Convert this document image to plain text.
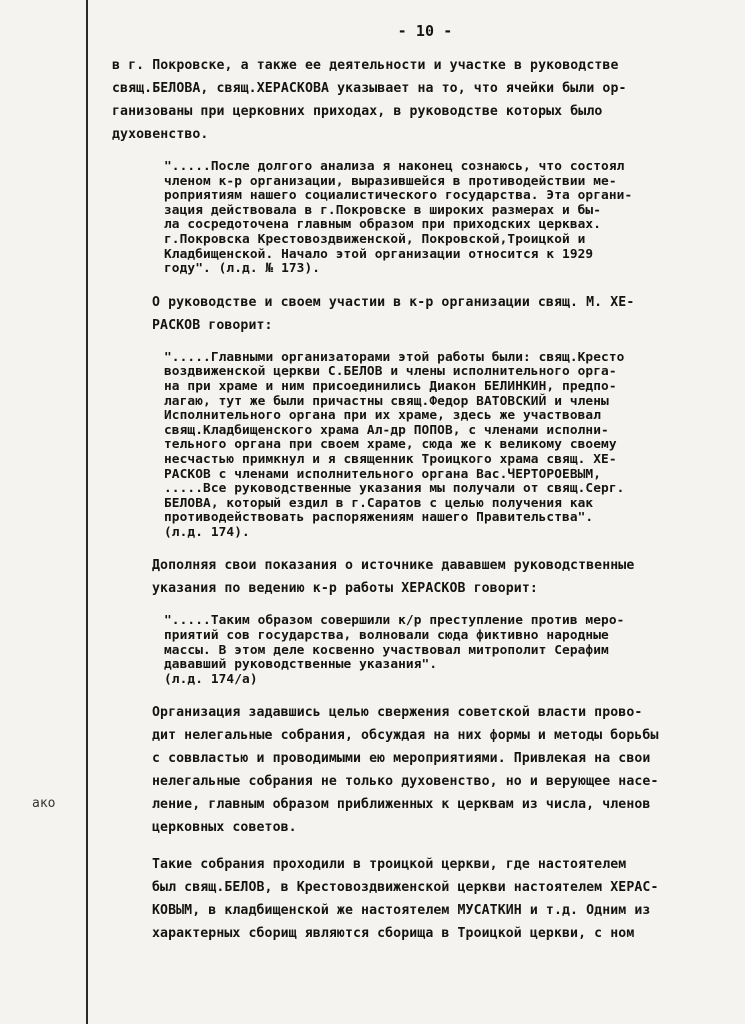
ако
- 10 -

в г. Покровске, а также ее деятельности и участке в руководстве
свящ.БЕЛОВА, свящ.ХЕРАСКОВА указывает на то, что ячейки были ор-
ганизованы при церковних приходах, в руководстве которых было
духовенство.

".....После долгого анализа я наконец сознаюсь, что состоял
членом к-р организации, выразившейся в противодействии ме-
роприятиям нашего социалистического государства. Эта органи-
зация действовала в г.Покровске в широких размерах и бы-
ла сосредоточена главным образом при приходских церквах.
г.Покровска Крестовоздвиженской, Покровской,Троицкой и
Кладбищенской. Начало этой организации относится к 1929
году". (л.д. № 173).

О руководстве и своем участии в к-р организации свящ. М. ХЕ-
РАСКОВ говорит:

".....Главными организаторами этой работы были: свящ.Кресто
воздвиженской церкви С.БЕЛОВ и члены исполнительного орга-
на при храме и ним присоединились Диакон БЕЛИНКИН, предпо-
лагаю, тут же были причастны свящ.Федор ВАТОВСКИЙ и члены
Исполнительного органа при их храме, здесь же участвовал
свящ.Кладбищенского храма Ал-др ПОПОВ, с членами исполни-
тельного органа при своем храме, сюда же к великому своему
несчастью примкнул и я священник Троицкого храма свящ. ХЕ-
РАСКОВ с членами исполнительного органа Вас.ЧЕРТОРОЕВЫМ,
.....Все руководственные указания мы получали от свящ.Серг.
БЕЛОВА, который ездил в г.Саратов с целью получения как
противодействовать распоряжениям нашего Правительства".
(л.д. 174).

Дополняя свои показания о источнике дававшем руководственные
указания по ведению к-р работы ХЕРАСКОВ говорит:

".....Таким образом совершили к/р преступление против меро-
приятий сов государства, волновали сюда фиктивно народные
массы. В этом деле косвенно участвовал митрополит Серафим
дававший руководственные указания".
(л.д. 174/а)

Организация задавшись целью свержения советской власти прово-
дит нелегальные собрания, обсуждая на них формы и методы борьбы
с соввластью и проводимыми ею мероприятиями. Привлекая на свои
нелегальные собрания не только духовенство, но и верующее насе-
ление, главным образом приближенных к церквам из числа, членов
церковных советов.

Такие собрания проходили в троицкой церкви, где настоятелем
был свящ.БЕЛОВ, в Крестовоздвиженской церкви настоятелем ХЕРАС-
КОВЫМ, в кладбищенской же настоятелем МУСАТКИН и т.д. Одним из
характерных сборищ являются сборища в Троицкой церкви, с ном
